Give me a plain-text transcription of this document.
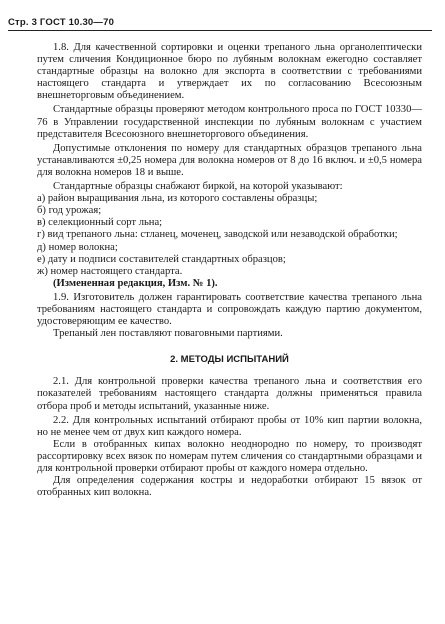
Стр. 3 ГОСТ 10.30—70

1.8. Для качественной сортировки и оценки трепаного льна органолептически путем сличения Кондиционное бюро по лубяным волокнам ежегодно составляет стандартные образцы на волокно для экспорта в соответствии с требованиями настоящего стандарта и утверждает их по согласованию Всесоюзным внешнеторговым объединением.

Стандартные образцы проверяют методом контрольного проса по ГОСТ 10330—76 в Управлении государственной инспекции по лубяным волокнам с участием представителя Всесоюзного внешнеторгового объединения.

Допустимые отклонения по номеру для стандартных образцов трепаного льна устанавливаются ±0,25 номера для волокна номеров от 8 до 16 включ. и ±0,5 номера для волокна номеров 18 и выше.

Стандартные образцы снабжают биркой, на которой указывают:

а) район выращивания льна, из которого составлены образцы;

б) год урожая;

в) селекционный сорт льна;

г) вид трепаного льна: стланец, моченец, заводской или незаводской обработки;

д) номер волокна;

е) дату и подписи составителей стандартных образцов;

ж) номер настоящего стандарта.

(Измененная редакция, Изм. № 1).

1.9. Изготовитель должен гарантировать соответствие качества трепаного льна требованиям настоящего стандарта и сопровождать каждую партию документом, удостоверяющим ее качество.

Трепаный лен поставляют поваговными партиями.

2. МЕТОДЫ ИСПЫТАНИЙ

2.1. Для контрольной проверки качества трепаного льна и соответствия его показателей требованиям настоящего стандарта должны применяться правила отбора проб и методы испытаний, указанные ниже.

2.2. Для контрольных испытаний отбирают пробы от 10% кип партии волокна, но не менее чем от двух кип каждого номера.

Если в отобранных кипах волокно неоднородно по номеру, то производят рассортировку всех вязок по номерам путем сличения со стандартными образцами и для контрольной проверки отбирают пробы от каждого номера отдельно.

Для определения содержания костры и недоработки отбирают 15 вязок от отобранных кип волокна.
